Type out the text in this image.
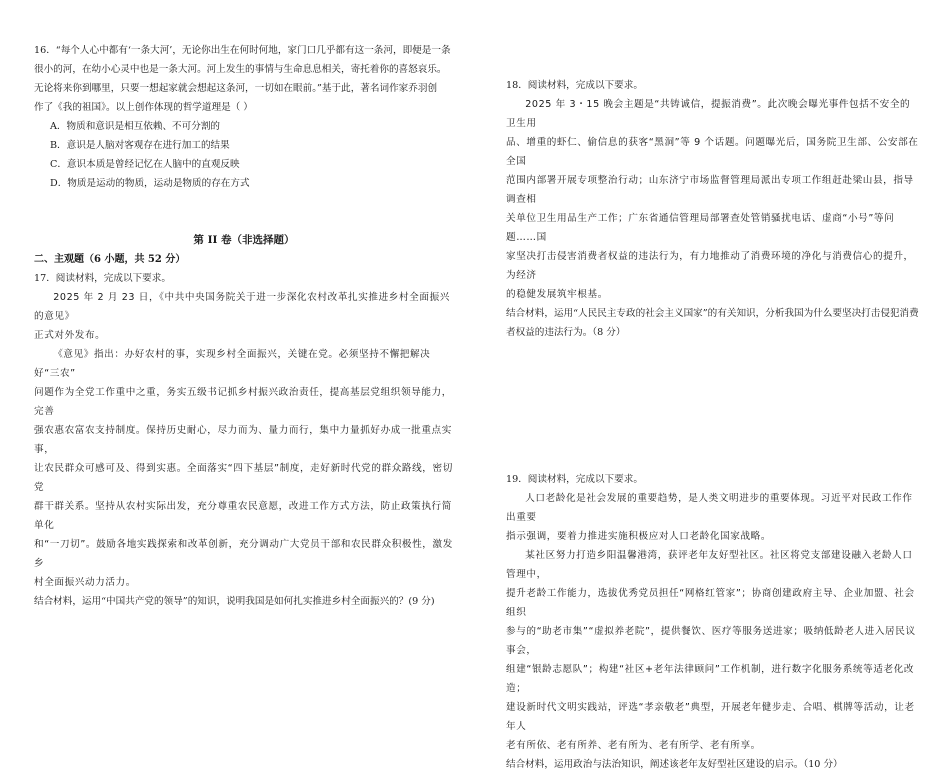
16．“每个人心中都有‘一条大河’，无论你出生在何时何地，家门口几乎都有这一条河，即便是一条

很小的河，在幼小心灵中也是一条大河。河上发生的事情与生命息息相关，寄托着你的喜怒哀乐。

无论将来你到哪里，只要一想起家就会想起这条河，一切如在眼前。”基于此，著名词作家乔羽创

作了《我的祖国》。以上创作体现的哲学道理是（ ）

A．物质和意识是相互依赖、不可分割的

B．意识是人脑对客观存在进行加工的结果

C．意识本质是曾经记忆在人脑中的直观反映

D．物质是运动的物质，运动是物质的存在方式

第 II 卷（非选择题）

二、主观题（6 小题，共 52 分）

17．阅读材料，完成以下要求。

2025 年 2 月 23 日，《中共中央国务院关于进一步深化农村改革扎实推进乡村全面振兴的意见》

正式对外发布。

《意见》指出：办好农村的事，实现乡村全面振兴，关键在党。必须坚持不懈把解决好“三农”

问题作为全党工作重中之重，务实五级书记抓乡村振兴政治责任，提高基层党组织领导能力，完善

强农惠农富农支持制度。保持历史耐心，尽力而为、量力而行，集中力量抓好办成一批重点实事，

让农民群众可感可及、得到实惠。全面落实“四下基层”制度，走好新时代党的群众路线，密切党

群干群关系。坚持从农村实际出发，充分尊重农民意愿，改进工作方式方法，防止政策执行简单化

和“一刀切”。鼓励各地实践探索和改革创新，充分调动广大党员干部和农民群众积极性，激发乡

村全面振兴动力活力。

结合材料，运用“中国共产党的领导”的知识，说明我国是如何扎实推进乡村全面振兴的？(9 分)

18．阅读材料，完成以下要求。

2025 年 3・15 晚会主题是“共铸诚信，提振消费”。此次晚会曝光事件包括不安全的卫生用

品、增重的虾仁、偷信息的获客“黑洞”等 9 个话题。问题曝光后，国务院卫生部、公安部在全国

范围内部署开展专项整治行动；山东济宁市场监督管理局派出专项工作组赶赴梁山县，指导调查相

关单位卫生用品生产工作；广东省通信管理局部署查处管销骚扰电话、虚商“小号”等问题……国

家坚决打击侵害消费者权益的违法行为，有力地推动了消费环境的净化与消费信心的提升，为经济

的稳健发展筑牢根基。

结合材料，运用“人民民主专政的社会主义国家”的有关知识，分析我国为什么要坚决打击侵犯消费

者权益的违法行为。（8 分）

19．阅读材料，完成以下要求。

人口老龄化是社会发展的重要趋势，是人类文明进步的重要体现。习近平对民政工作作出重要

指示强调，要着力推进实施积极应对人口老龄化国家战略。

某社区努力打造乡阳温馨港湾，获评老年友好型社区。社区将党支部建设融入老龄人口管理中，

提升老龄工作能力，选拔优秀党员担任“网格红管家”；协商创建政府主导、企业加盟、社会组织

参与的“助老市集”“虚拟养老院”，提供餐饮、医疗等服务送进家；吸纳低龄老人进入居民议事会，

组建“银龄志愿队”；构建“社区+老年法律顾问”工作机制，进行数字化服务系统等适老化改造；

建设新时代文明实践站，评选“孝亲敬老”典型，开展老年健步走、合唱、棋牌等活动，让老年人

老有所依、老有所养、老有所为、老有所学、老有所享。

结合材料，运用政治与法治知识，阐述该老年友好型社区建设的启示。（10 分）
